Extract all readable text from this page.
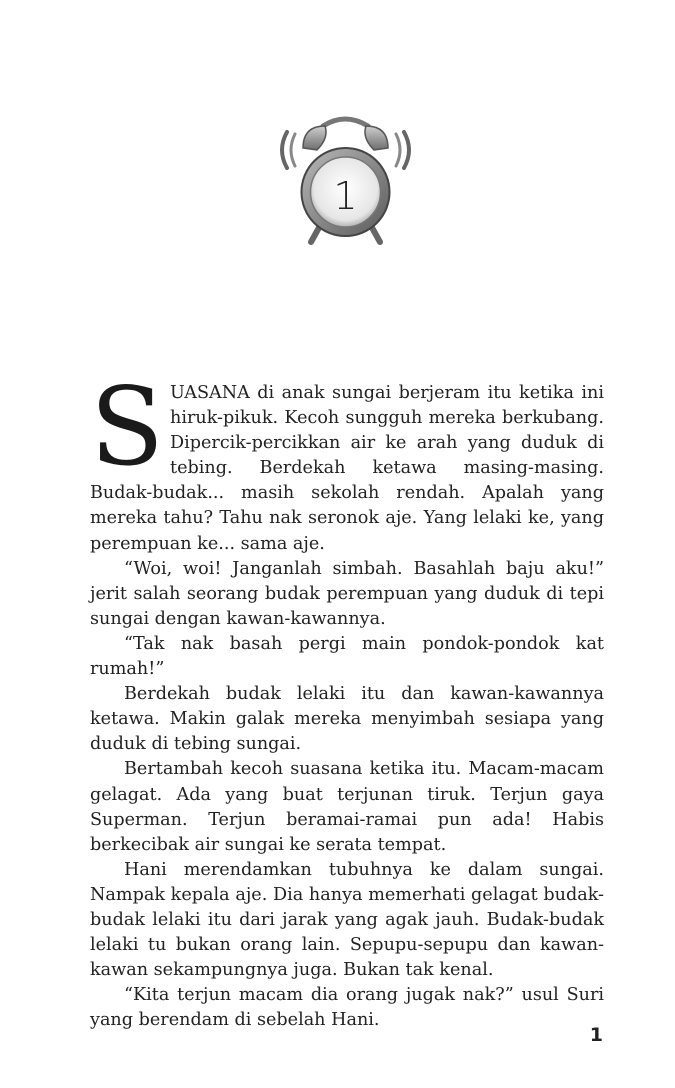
1

SUASANA di anak sungai berjeram itu ketika ini hiruk-pikuk. Kecoh sungguh mereka berkubang. Dipercik-percikkan air ke arah yang duduk di tebing. Berdekah ketawa masing-masing. Budak-budak... masih sekolah rendah. Apalah yang mereka tahu? Tahu nak seronok aje. Yang lelaki ke, yang perempuan ke... sama aje.

“Woi, woi! Janganlah simbah. Basahlah baju aku!” jerit salah seorang budak perempuan yang duduk di tepi sungai dengan kawan-kawannya.

“Tak nak basah pergi main pondok-pondok kat rumah!”

Berdekah budak lelaki itu dan kawan-kawannya ketawa. Makin galak mereka menyimbah sesiapa yang duduk di tebing sungai.

Bertambah kecoh suasana ketika itu. Macam-macam gelagat. Ada yang buat terjunan tiruk. Terjun gaya Superman. Terjun beramai-ramai pun ada! Habis berkecibak air sungai ke serata tempat.

Hani merendamkan tubuhnya ke dalam sungai. Nampak kepala aje. Dia hanya memerhati gelagat budak-budak lelaki itu dari jarak yang agak jauh. Budak-budak lelaki tu bukan orang lain. Sepupu-sepupu dan kawan-kawan sekampungnya juga. Bukan tak kenal.

“Kita terjun macam dia orang jugak nak?” usul Suri yang berendam di sebelah Hani.

1
